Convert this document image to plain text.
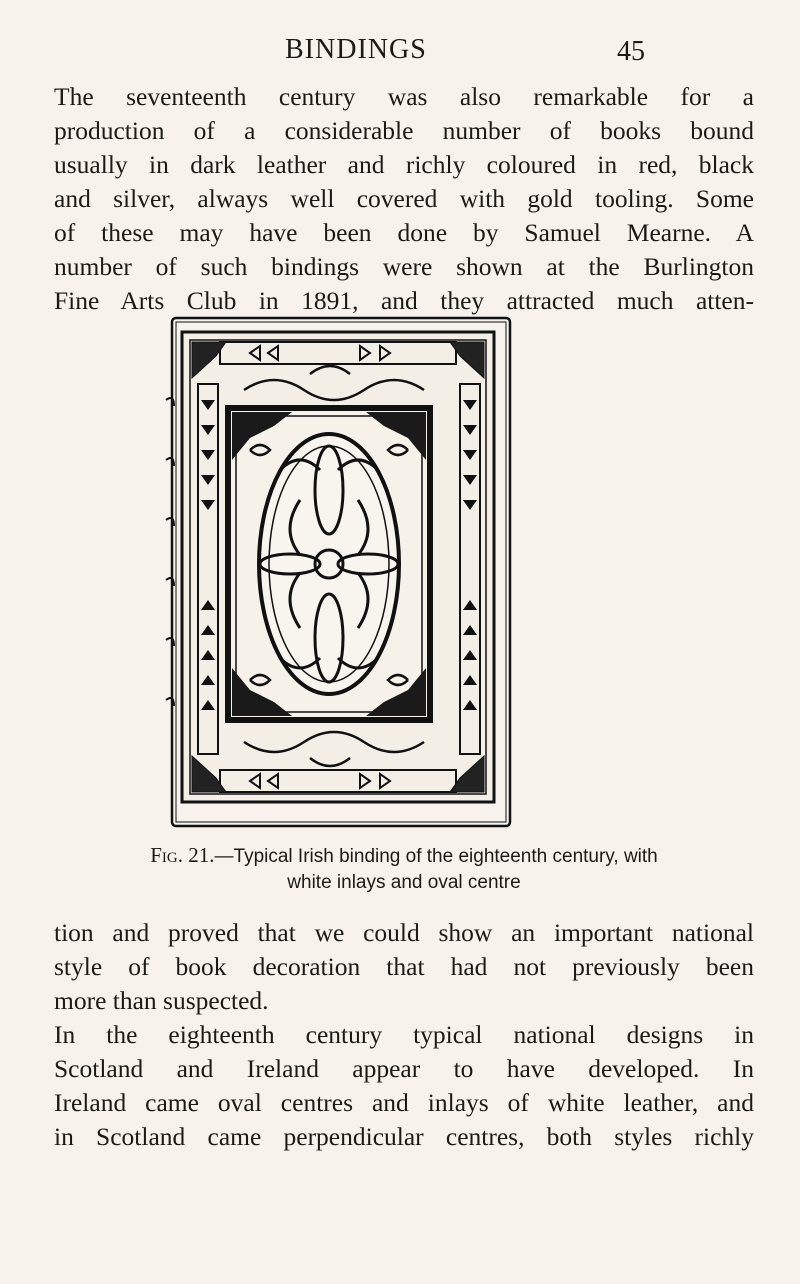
BINDINGS	45

The seventeenth century was also remarkable for a
production of a considerable number of books bound
usually in dark leather and richly coloured in red, black
and silver, always well covered with gold tooling. Some
of these may have been done by Samuel Mearne. A
number of such bindings were shown at the Burlington
Fine Arts Club in 1891, and they attracted much atten-

Fig. 21.—Typical Irish binding of the eighteenth century, with
white inlays and oval centre

tion and proved that we could show an important national
style of book decoration that had not previously been
more than suspected.

In the eighteenth century typical national designs in
Scotland and Ireland appear to have developed. In
Ireland came oval centres and inlays of white leather, and
in Scotland came perpendicular centres, both styles richly
